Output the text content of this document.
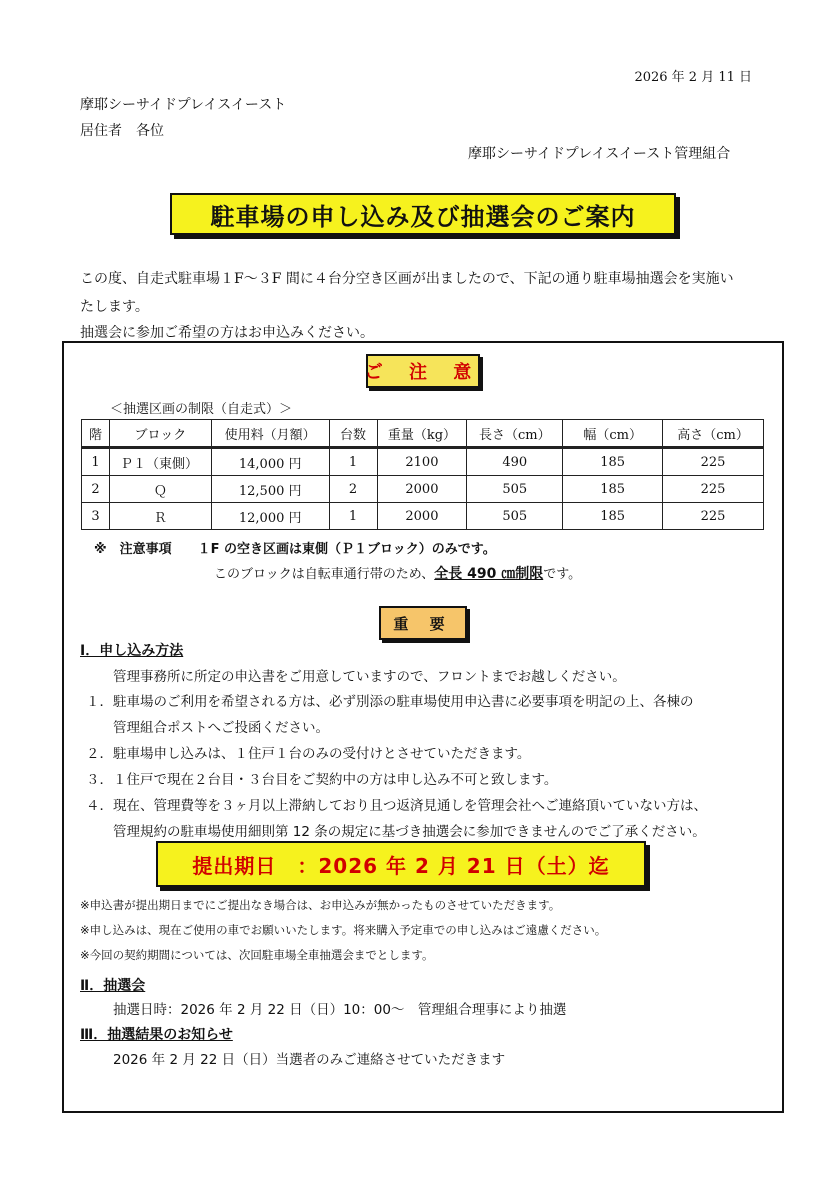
2026 年 2 月 11 日
摩耶シーサイドプレイスイースト
居住者　各位
摩耶シーサイドプレイスイースト管理組合
駐車場の申し込み及び抽選会のご案内
この度、自走式駐車場１F～３F 間に４台分空き区画が出ましたので、下記の通り駐車場抽選会を実施い
たします。
抽選会に参加ご希望の方はお申込みください。
ご 注 意
＜抽選区画の制限（自走式）＞
階	ブロック	使用料（月額）	台数	重量（kg）	長さ（cm）	幅（cm）	高さ（cm）
1	Ｐ１（東側）	14,000 円	1	2100	490	185	225
2	Ｑ	12,500 円	2	2000	505	185	225
3	Ｒ	12,000 円	1	2000	505	185	225
※　注意事項 １F の空き区画は東側（Ｐ１ブロック）のみです。
このブロックは自転車通行帯のため、全長 490 ㎝制限です。
重 要
Ⅰ．申し込み方法
管理事務所に所定の申込書をご用意していますので、フロントまでお越しください。
１．駐車場のご利用を希望される方は、必ず別添の駐車場使用申込書に必要事項を明記の上、各棟の
管理組合ポストへご投函ください。
２．駐車場申し込みは、１住戸１台のみの受付けとさせていただきます。
３．１住戸で現在２台目・３台目をご契約中の方は申し込み不可と致します。
４．現在、管理費等を３ヶ月以上滞納しており且つ返済見通しを管理会社へご連絡頂いていない方は、
管理規約の駐車場使用細則第 12 条の規定に基づき抽選会に参加できませんのでご了承ください。
提出期日　：2026 年 2 月 21 日（土）迄
※申込書が提出期日までにご提出なき場合は、お申込みが無かったものさせていただきます。
※申し込みは、現在ご使用の車でお願いいたします。将来購入予定車での申し込みはご遠慮ください。
※今回の契約期間については、次回駐車場全車抽選会までとします。
Ⅱ．抽選会
抽選日時：2026 年 2 月 22 日（日）10：00～　管理組合理事により抽選
Ⅲ．抽選結果のお知らせ
2026 年 2 月 22 日（日）当選者のみご連絡させていただきます
